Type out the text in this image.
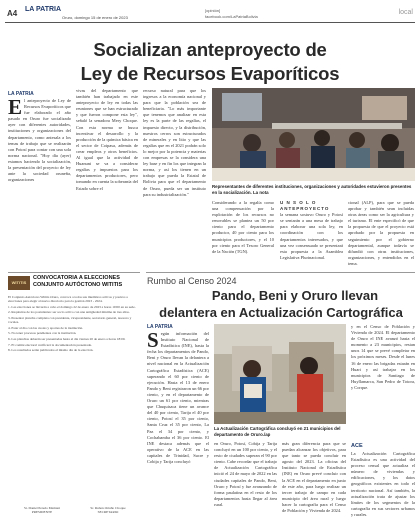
A4 LA PATRIA
Oruro, domingo 15 de enero de 2023
[opinión]
facebook.com/LaPatriaBolivia
local
Socializan anteproyecto de
Ley de Recursos Evaporíticos
LA PATRIA
E l anteproyecto de Ley de Recursos Evaporíticos que fue elaborado el año pasado en Oruro fue socializado ayer con diferentes autoridades, instituciones y organizaciones del departamento, como antesala a los temas de trabajo que se realizarán con Potosí para contar con una sola norma nacional. "Hoy día (ayer) estamos haciendo la socialización, la presentación del proyecto de ley ante la sociedad oruneña, organizaciones
vivas del departamento que también han trabajado en este anteproyecto de ley en todas las reuniones que se han estructurado y que fueron compone esta ley", señaló la senadora Mery Choque. Con esta norma se busca incentivar el desarrollo y la producción de la química básica en el sector de Coipasa, además de crear empleos y otros beneficios. Al igual que la actividad de Huanuni se va a considerar regalías y impuestos para los departamentos productores, pero tomando en cuenta la soberanía del Estado sobre el
recurso natural para que los ingresos a la economía nacional y para que la población sea de beneficiaria. "Lo más importante que tenemos que analizar en esta ley es la parte de las regalías, el impuesto directo, y la distribución, nuestros cerros son estructurados de minerales y en litio y que las regalías que en el 2021 podrán solo lo mejor por la potencia y materias con empresas se la considera una ley base y en fin los que integran la norma, y así los tienen en un trabajo que pueda la Estatal de Bolivia para que el departamento de Oruro, pueda ser un instituto para su industrialización."
Representantes de diferentes instituciones, organizaciones y autoridades estuvieron presentes en la socialización. La nota
Considerando a la regalía como una compensación por la explotación de los recursos no renovables se plantea un 50 por ciento para el departamento productor, 40 por ciento para los municipios productores, y el 10 por ciento para el Tesoro General de la Nación (TGN).
U N S O L O ANTEPROYECTO
la semana sostuvo Oruro y Potosí se sentarán a una mesa de trabajo para elaborar una sola ley, en coordinación con los departamentos interesados, y que una vez consensuado se presentará esta propuesta a la Asamblea Legislativa Plurinacional.
cional (ALP), para que se pueda aprobar y también sean incluidas otras áreas como ser la agricultura y el turismo. El ente especificó de que la propuesta de que el proyecto está aprobado por la propuesta en seguimiento por el gobierno departamental, aunque todavía se difundió con otras instituciones, organizaciones, y entendidos en el tema.
WITITIS
CONVOCATORIA A ELECCIONES
CONJUNTO AUTÓCTONO WITITIS

El Conjunto Autóctono Wititis Oruro, convoca a todos sus miembros activos y pasivos a elecciones para elegir al nuevo directorio para la gestión 2023 - 2024.

1. Las elecciones se llevarán a cabo el domingo 22 de enero de 2023 a horas 10:00 en su sede.

2. Requisitos de los postulantes: ser socio activo con una antigüedad mínima de tres años.

3. Presentar plancha completa con presidente, vicepresidente, secretario general, tesorero y vocales.

4. Estar al día con las cuotas y aportes de la institución.

5. No tener procesos pendientes con la institución.

6. Las planchas deberán ser presentadas hasta el día viernes 20 de enero a horas 18:00.

7. El comité electoral verificará la documentación presentada.

8. Los resultados serán publicados el mismo día de la elección.

Sr. Daniel Peredo Mamani
PRESIDENTE
Sr. Ruben Ortuño Choque
SECRETARIO
Rumbo al Censo 2024
Pando, Beni y Oruro llevan
delantera en Actualización Cartográfica
LA PATRIA
S egún información del Instituto Nacional de Estadística (INE), hasta la fecha los departamentos de Pando, Beni y Oruro llevan la delantera a nivel nacional en la Actualización Cartográfica Estadística (ACE) superando el 60 por ciento de ejecución. Hasta el 13 de enero Pando y Beni registraron un 66 por ciento, y en el departamento de Oruro un 61 por ciento, mientras que Chuquisaca tiene un avance del 40 por ciento, Tarija el 40 por ciento, Potosí el 35 por ciento, Santa Cruz el 35 por ciento, La Paz el 34 por ciento, y Cochabamba el 36 por ciento. El INE destaca además que el operativo de la ACE en las capitales de Trinidad, Sucre y Cobija y Tarija concluyó
La Actualización Cartográfica concluyó en 21 municipios del departamento de Oruro./ap
en Oruro, Potosí, Cobija y Tarija concluyó en un 100 por ciento, y el resto de ciudades superan el 90 por ciento. Cabe recordar que el trabajo de Actualización Cartográfica inició el 24 de mayo de 2022 en las ciudades capitales de Pando, Beni, Oruro y Potosí y fue avanzando de forma paulatina en el resto de los departamentos hasta llegar al área rural.
más gran diferencia para que se puedan alcanzar los objetivos, para que tanto se pueda concluir en agosto del 2023. La oficina del Instituto Nacional de Estadística (INE) en Oruro prevé concluir con la ACE en el departamento en junio de este año, para luego realizar un tercer trabajo de campo en cada municipio del área rural y luego hacer la cartografía para el Censo de Población y Vivienda de 2024.
y en el Censo de Población y Vivienda de 2024. El departamento de Oruro el INE avanzó hasta el momento a 23 municipios, restan unos 14 que se prevé completar en los próximos meses. Desde el lunes 16 de enero las brigadas estarán en Huari y así trabajar en los municipios de Santiago de Huyllamarca, San Pedro de Totora, y Corque.
ACE
La Actualización Cartográfica Estadística es una actividad del proceso censal que actualiza el número de viviendas y edificaciones, y los datos geográficos existentes en todo el territorio nacional. Así también, la actualización trata de ajustar los límites de los segmentos de la cartografía en sus sectores urbanos y rurales.
